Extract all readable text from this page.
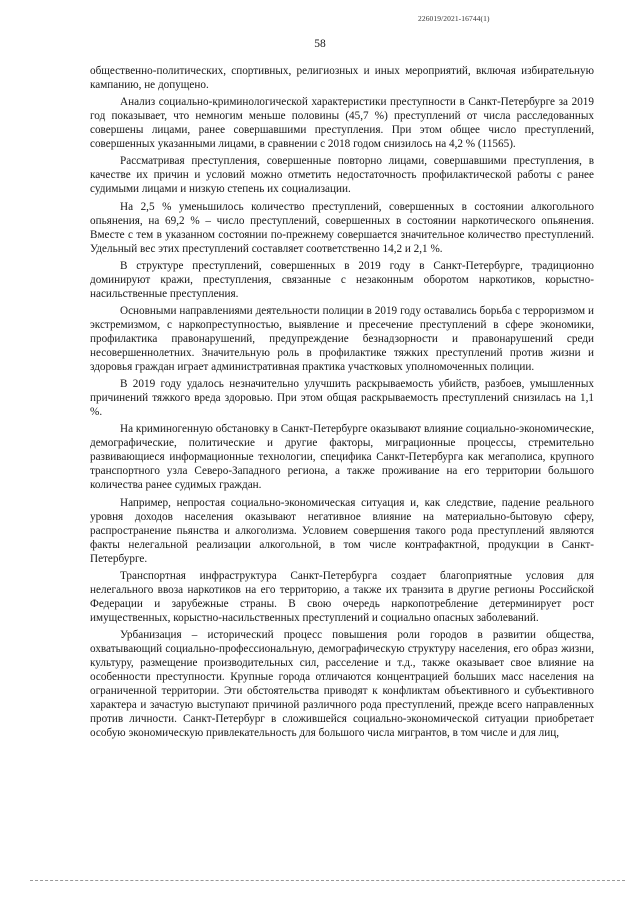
226019/2021-16744(1)
58

общественно-политических, спортивных, религиозных и иных мероприятий, включая избирательную кампанию, не допущено.

Анализ социально-криминологической характеристики преступности в Санкт-Петербурге за 2019 год показывает, что немногим меньше половины (45,7 %) преступлений от числа расследованных совершены лицами, ранее совершавшими преступления. При этом общее число преступлений, совершенных указанными лицами, в сравнении с 2018 годом снизилось на 4,2 % (11565).

Рассматривая преступления, совершенные повторно лицами, совершавшими преступления, в качестве их причин и условий можно отметить недостаточность профилактической работы с ранее судимыми лицами и низкую степень их социализации.

На 2,5 % уменьшилось количество преступлений, совершенных в состоянии алкогольного опьянения, на 69,2 % – число преступлений, совершенных в состоянии наркотического опьянения. Вместе с тем в указанном состоянии по-прежнему совершается значительное количество преступлений. Удельный вес этих преступлений составляет соответственно 14,2 и 2,1 %.

В структуре преступлений, совершенных в 2019 году в Санкт-Петербурге, традиционно доминируют кражи, преступления, связанные с незаконным оборотом наркотиков, корыстно-насильственные преступления.

Основными направлениями деятельности полиции в 2019 году оставались борьба с терроризмом и экстремизмом, с наркопреступностью, выявление и пресечение преступлений в сфере экономики, профилактика правонарушений, предупреждение безнадзорности и правонарушений среди несовершеннолетних. Значительную роль в профилактике тяжких преступлений против жизни и здоровья граждан играет административная практика участковых уполномоченных полиции.

В 2019 году удалось незначительно улучшить раскрываемость убийств, разбоев, умышленных причинений тяжкого вреда здоровью. При этом общая раскрываемость преступлений снизилась на 1,1 %.

На криминогенную обстановку в Санкт-Петербурге оказывают влияние социально-экономические, демографические, политические и другие факторы, миграционные процессы, стремительно развивающиеся информационные технологии, специфика Санкт-Петербурга как мегаполиса, крупного транспортного узла Северо-Западного региона, а также проживание на его территории большого количества ранее судимых граждан.

Например, непростая социально-экономическая ситуация и, как следствие, падение реального уровня доходов населения оказывают негативное влияние на материально-бытовую сферу, распространение пьянства и алкоголизма. Условием совершения такого рода преступлений являются факты нелегальной реализации алкогольной, в том числе контрафактной, продукции в Санкт-Петербурге.

Транспортная инфраструктура Санкт-Петербурга создает благоприятные условия для нелегального ввоза наркотиков на его территорию, а также их транзита в другие регионы Российской Федерации и зарубежные страны. В свою очередь наркопотребление детерминирует рост имущественных, корыстно-насильственных преступлений и социально опасных заболеваний.

Урбанизация – исторический процесс повышения роли городов в развитии общества, охватывающий социально-профессиональную, демографическую структуру населения, его образ жизни, культуру, размещение производительных сил, расселение и т.д., также оказывает свое влияние на особенности преступности. Крупные города отличаются концентрацией больших масс населения на ограниченной территории. Эти обстоятельства приводят к конфликтам объективного и субъективного характера и зачастую выступают причиной различного рода преступлений, прежде всего направленных против личности. Санкт-Петербург в сложившейся социально-экономической ситуации приобретает особую экономическую привлекательность для большого числа мигрантов, в том числе и для лиц,
